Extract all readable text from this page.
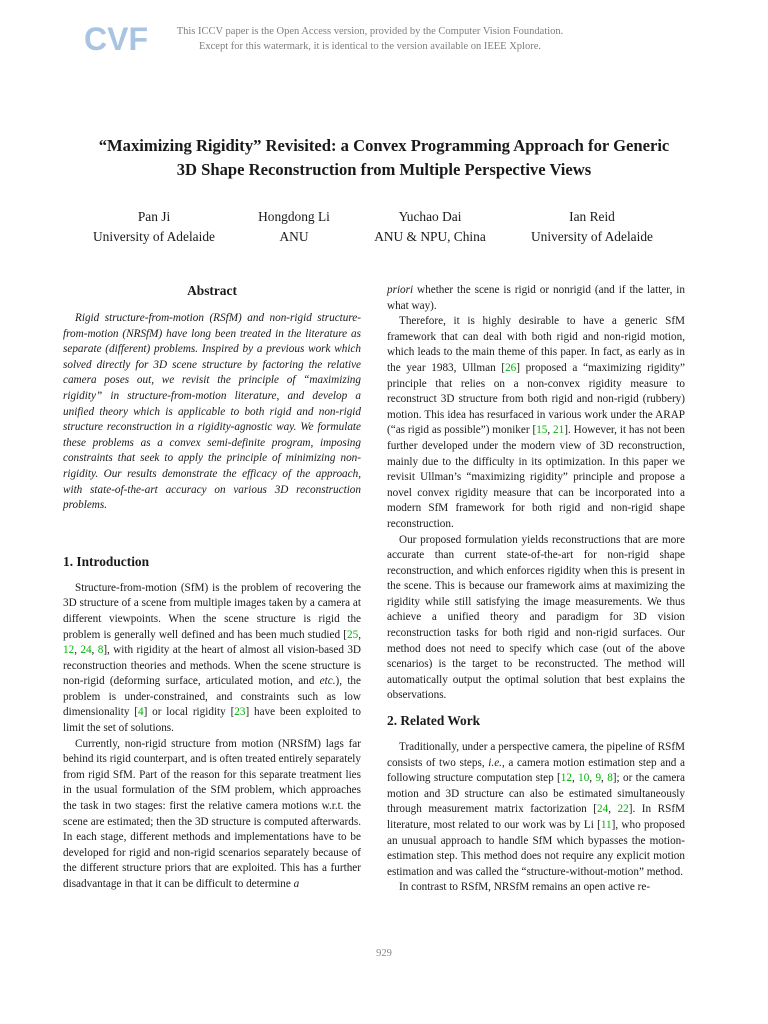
CVF	This ICCV paper is the Open Access version, provided by the Computer Vision Foundation.
Except for this watermark, it is identical to the version available on IEEE Xplore.
“Maximizing Rigidity” Revisited: a Convex Programming Approach for Generic
3D Shape Reconstruction from Multiple Perspective Views
Pan Ji
University of Adelaide
Hongdong Li
ANU
Yuchao Dai
ANU & NPU, China
Ian Reid
University of Adelaide
Abstract

Rigid structure-from-motion (RSfM) and non-rigid structure-from-motion (NRSfM) have long been treated in the literature as separate (different) problems. Inspired by a previous work which solved directly for 3D scene structure by factoring the relative camera poses out, we revisit the principle of “maximizing rigidity” in structure-from-motion literature, and develop a unified theory which is applicable to both rigid and non-rigid structure reconstruction in a rigidity-agnostic way. We formulate these problems as a convex semi-definite program, imposing constraints that seek to apply the principle of minimizing non-rigidity. Our results demonstrate the efficacy of the approach, with state-of-the-art accuracy on various 3D reconstruction problems.

1. Introduction

Structure-from-motion (SfM) is the problem of recovering the 3D structure of a scene from multiple images taken by a camera at different viewpoints. When the scene structure is rigid the problem is generally well defined and has been much studied [25, 12, 24, 8], with rigidity at the heart of almost all vision-based 3D reconstruction theories and methods. When the scene structure is non-rigid (deforming surface, articulated motion, and etc.), the problem is under-constrained, and constraints such as low dimensionality [4] or local rigidity [23] have been exploited to limit the set of solutions.

Currently, non-rigid structure from motion (NRSfM) lags far behind its rigid counterpart, and is often treated entirely separately from rigid SfM. Part of the reason for this separate treatment lies in the usual formulation of the SfM problem, which approaches the task in two stages: first the relative camera motions w.r.t. the scene are estimated; then the 3D structure is computed afterwards. In each stage, different methods and implementations have to be developed for rigid and non-rigid scenarios separately because of the different structure priors that are exploited. This has a further disadvantage in that it can be difficult to determine a

priori whether the scene is rigid or nonrigid (and if the latter, in what way).

Therefore, it is highly desirable to have a generic SfM framework that can deal with both rigid and non-rigid motion, which leads to the main theme of this paper. In fact, as early as in the year 1983, Ullman [26] proposed a “maximizing rigidity” principle that relies on a non-convex rigidity measure to reconstruct 3D structure from both rigid and non-rigid (rubbery) motion. This idea has resurfaced in various work under the ARAP (“as rigid as possible”) moniker [15, 21]. However, it has not been further developed under the modern view of 3D reconstruction, mainly due to the difficulty in its optimization. In this paper we revisit Ullman’s “maximizing rigidity” principle and propose a novel convex rigidity measure that can be incorporated into a modern SfM framework for both rigid and non-rigid shape reconstruction.

Our proposed formulation yields reconstructions that are more accurate than current state-of-the-art for non-rigid shape reconstruction, and which enforces rigidity when this is present in the scene. This is because our framework aims at maximizing the rigidity while still satisfying the image measurements. We thus achieve a unified theory and paradigm for 3D vision reconstruction tasks for both rigid and non-rigid surfaces. Our method does not need to specify which case (out of the above scenarios) is the target to be reconstructed. The method will automatically output the optimal solution that best explains the observations.

2. Related Work

Traditionally, under a perspective camera, the pipeline of RSfM consists of two steps, i.e., a camera motion estimation step and a following structure computation step [12, 10, 9, 8]; or the camera motion and 3D structure can also be estimated simultaneously through measurement matrix factorization [24, 22]. In RSfM literature, most related to our work was by Li [11], who proposed an unusual approach to handle SfM which bypasses the motion-estimation step. This method does not require any explicit motion estimation and was called the “structure-without-motion” method.

In contrast to RSfM, NRSfM remains an open active re-

929
